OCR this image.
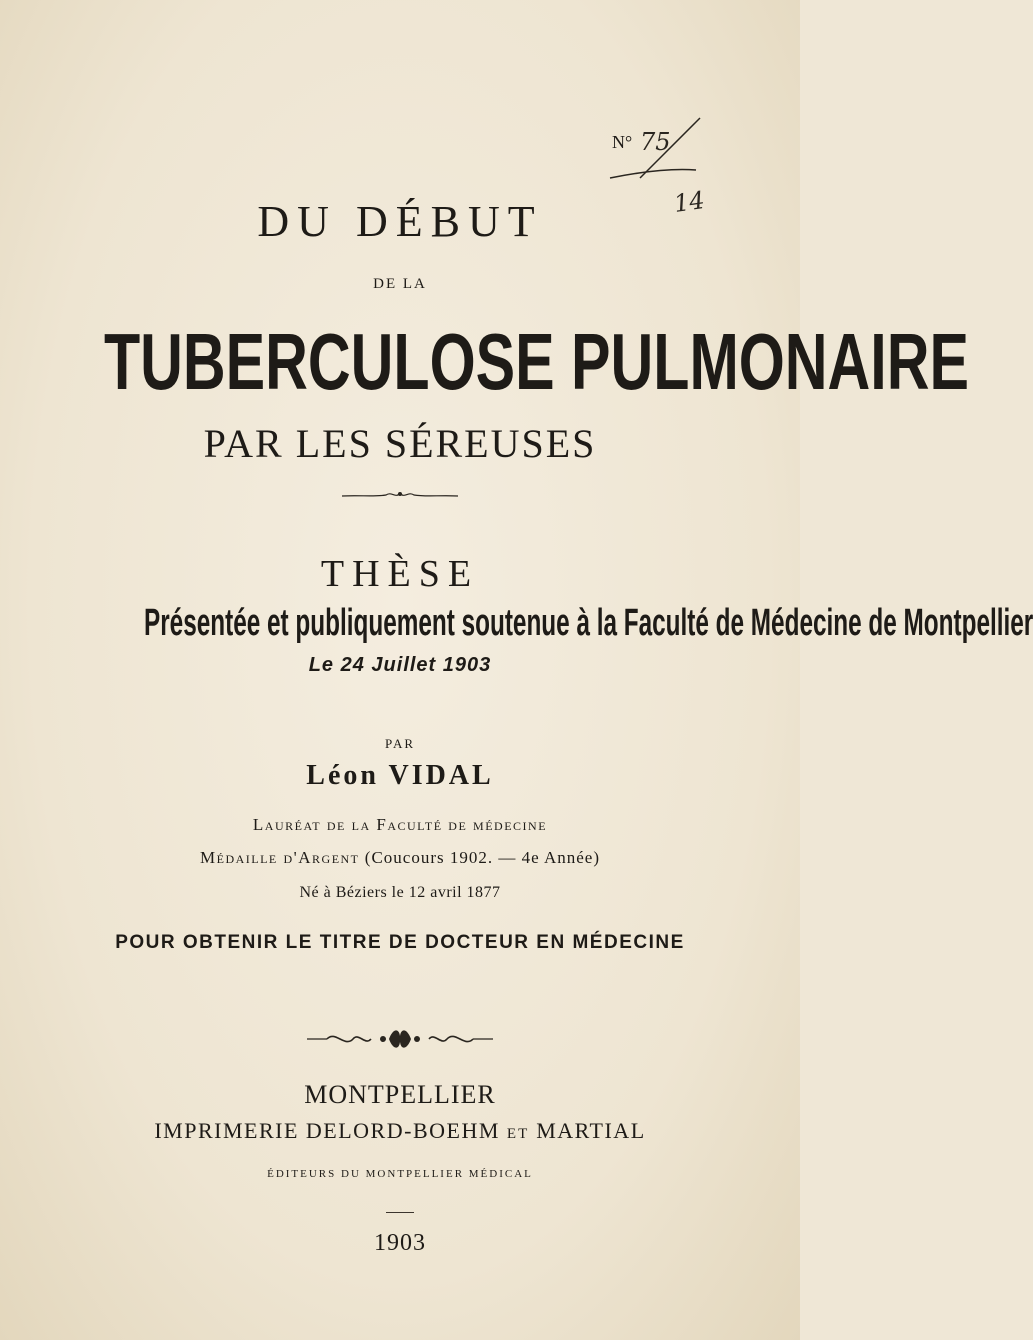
N° 75
14
DU DÉBUT
DE LA
TUBERCULOSE PULMONAIRE
PAR LES SÉREUSES
THÈSE
Présentée et publiquement soutenue à la Faculté de Médecine de Montpellier
Le 24 Juillet 1903
PAR
Léon VIDAL
Lauréat de la Faculté de médecine
Médaille d'Argent (Coucours 1902. — 4e Année)
Né à Béziers le 12 avril 1877
POUR OBTENIR LE TITRE DE DOCTEUR EN MÉDECINE
MONTPELLIER
IMPRIMERIE DELORD-BOEHM ET MARTIAL
ÉDITEURS DU MONTPELLIER MÉDICAL
1903
